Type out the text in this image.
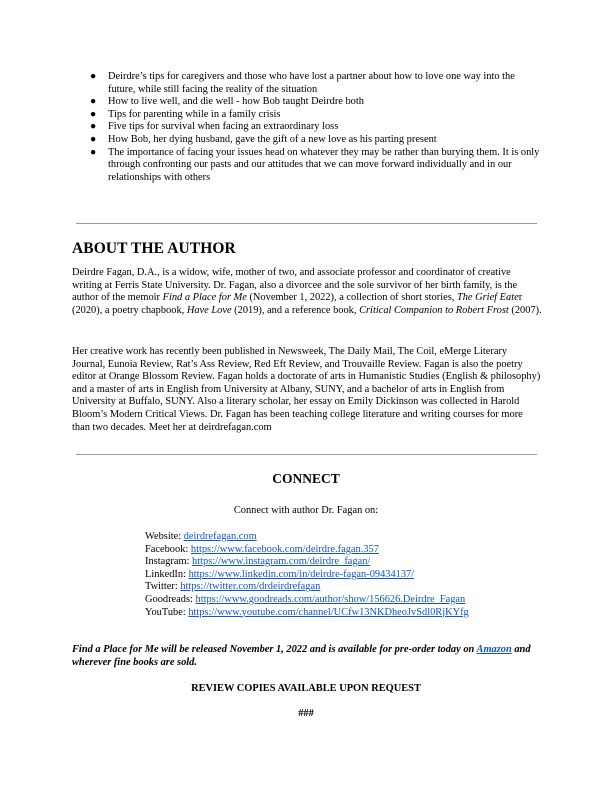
● Deirdre’s tips for caregivers and those who have lost a partner about how to love one way into the future, while still facing the reality of the situation
● How to live well, and die well - how Bob taught Deirdre both
● Tips for parenting while in a family crisis
● Five tips for survival when facing an extraordinary loss
● How Bob, her dying husband, gave the gift of a new love as his parting present
● The importance of facing your issues head on whatever they may be rather than burying them. It is only through confronting our pasts and our attitudes that we can move forward individually and in our relationships with others
ABOUT THE AUTHOR

Deirdre Fagan, D.A., is a widow, wife, mother of two, and associate professor and coordinator of creative writing at Ferris State University. Dr. Fagan, also a divorcee and the sole survivor of her birth family, is the author of the memoir Find a Place for Me (November 1, 2022), a collection of short stories, The Grief Eater (2020), a poetry chapbook, Have Love (2019), and a reference book, Critical Companion to Robert Frost (2007).

Her creative work has recently been published in Newsweek, The Daily Mail, The Coil, eMerge Literary Journal, Eunoia Review, Rat’s Ass Review, Red Eft Review, and Trouvaille Review. Fagan is also the poetry editor at Orange Blossom Review. Fagan holds a doctorate of arts in Humanistic Studies (English & philosophy) and a master of arts in English from University at Albany, SUNY, and a bachelor of arts in English from University at Buffalo, SUNY. Also a literary scholar, her essay on Emily Dickinson was collected in Harold Bloom’s Modern Critical Views. Dr. Fagan has been teaching college literature and writing courses for more than two decades. Meet her at deirdrefagan.com

CONNECT

Connect with author Dr. Fagan on:

Website: deirdrefagan.com
Facebook: https://www.facebook.com/deirdre.fagan.357
Instagram: https://www.instagram.com/deirdre_fagan/
LinkedIn: https://www.linkedin.com/in/deirdre-fagan-09434137/
Twitter: https://twitter.com/drdeirdrefagan
Goodreads: https://www.goodreads.com/author/show/156626.Deirdre_Fagan
YouTube: https://www.youtube.com/channel/UCfw13NKDheoJvSdl0RjKYfg

Find a Place for Me will be released November 1, 2022 and is available for pre-order today on Amazon and wherever fine books are sold.

REVIEW COPIES AVAILABLE UPON REQUEST

###
